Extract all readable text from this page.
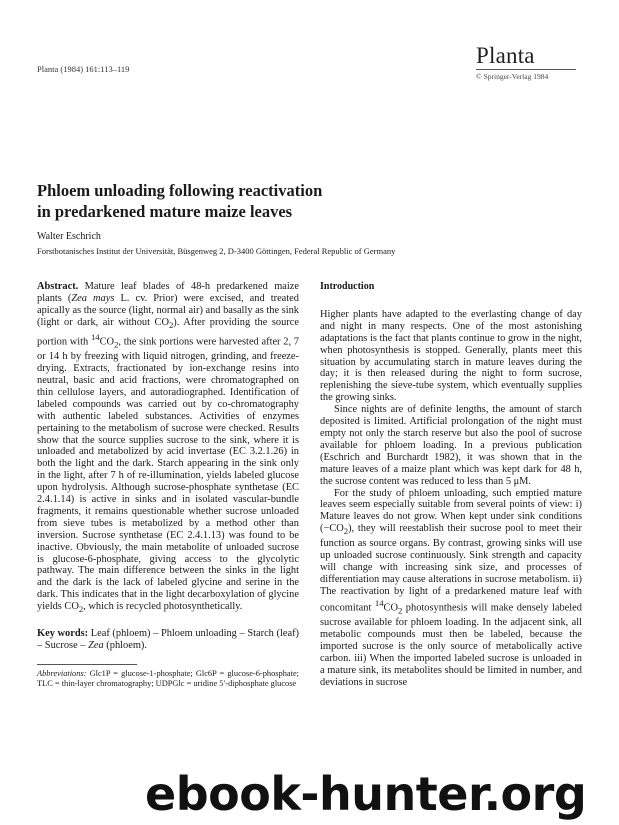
Planta (1984) 161:113–119
Planta
© Springer-Verlag 1984
Phloem unloading following reactivation
in predarkened mature maize leaves
Walter Eschrich
Forstbotanisches Institut der Universität, Büsgenweg 2, D-3400 Göttingen, Federal Republic of Germany

Abstract. Mature leaf blades of 48-h predarkened maize plants (Zea mays L. cv. Prior) were excised, and treated apically as the source (light, normal air) and basally as the sink (light or dark, air without $CO_2$). After providing the source portion with $^{14}CO_2$, the sink portions were harvested after 2, 7 or 14 h by freezing with liquid nitrogen, grinding, and freeze-drying. Extracts, fractionated by ion-exchange resins into neutral, basic and acid fractions, were chromatographed on thin cellulose layers, and autoradiographed. Identification of labeled compounds was carried out by co-chromatography with authentic labeled substances. Activities of enzymes pertaining to the metabolism of sucrose were checked. Results show that the source supplies sucrose to the sink, where it is unloaded and metabolized by acid invertase (EC 3.2.1.26) in both the light and the dark. Starch appearing in the sink only in the light, after 7 h of re-illumination, yields labeled glucose upon hydrolysis. Although sucrose-phosphate synthetase (EC 2.4.1.14) is active in sinks and in isolated vascular-bundle fragments, it remains questionable whether sucrose unloaded from sieve tubes is metabolized by a method other than inversion. Sucrose synthetase (EC 2.4.1.13) was found to be inactive. Obviously, the main metabolite of unloaded sucrose is glucose-6-phosphate, giving access to the glycolytic pathway. The main difference between the sinks in the light and the dark is the lack of labeled glycine and serine in the dark. This indicates that in the light decarboxylation of glycine yields $CO_2$, which is recycled photosynthetically.

Key words: Leaf (phloem) – Phloem unloading – Starch (leaf) – Sucrose – Zea (phloem).

Abbreviations: Glc1P = glucose-1-phosphate; Glc6P = glucose-6-phosphate; TLC = thin-layer chromatography; UDPGlc = uridine 5′-diphosphate glucose

Introduction

Higher plants have adapted to the everlasting change of day and night in many respects. One of the most astonishing adaptations is the fact that plants continue to grow in the night, when photosynthesis is stopped. Generally, plants meet this situation by accumulating starch in mature leaves during the day; it is then released during the night to form sucrose, replenishing the sieve-tube system, which eventually supplies the growing sinks.

Since nights are of definite lengths, the amount of starch deposited is limited. Artificial prolongation of the night must empty not only the starch reserve but also the pool of sucrose available for phloem loading. In a previous publication (Eschrich and Burchardt 1982), it was shown that in the mature leaves of a maize plant which was kept dark for 48 h, the sucrose content was reduced to less than 5 μM.

For the study of phloem unloading, such emptied mature leaves seem especially suitable from several points of view: i) Mature leaves do not grow. When kept under sink conditions $(-CO_2)$, they will reestablish their sucrose pool to meet their function as source organs. By contrast, growing sinks will use up unloaded sucrose continuously. Sink strength and capacity will change with increasing sink size, and processes of differentiation may cause alterations in sucrose metabolism. ii) The reactivation by light of a predarkened mature leaf with concomitant $^{14}CO_2$ photosynthesis will make densely labeled sucrose available for phloem loading. In the adjacent sink, all metabolic compounds must then be labeled, because the imported sucrose is the only source of metabolically active carbon. iii) When the imported labeled sucrose is unloaded in a mature sink, its metabolites should be limited in number, and deviations in sucrose

ebook-hunter.org
